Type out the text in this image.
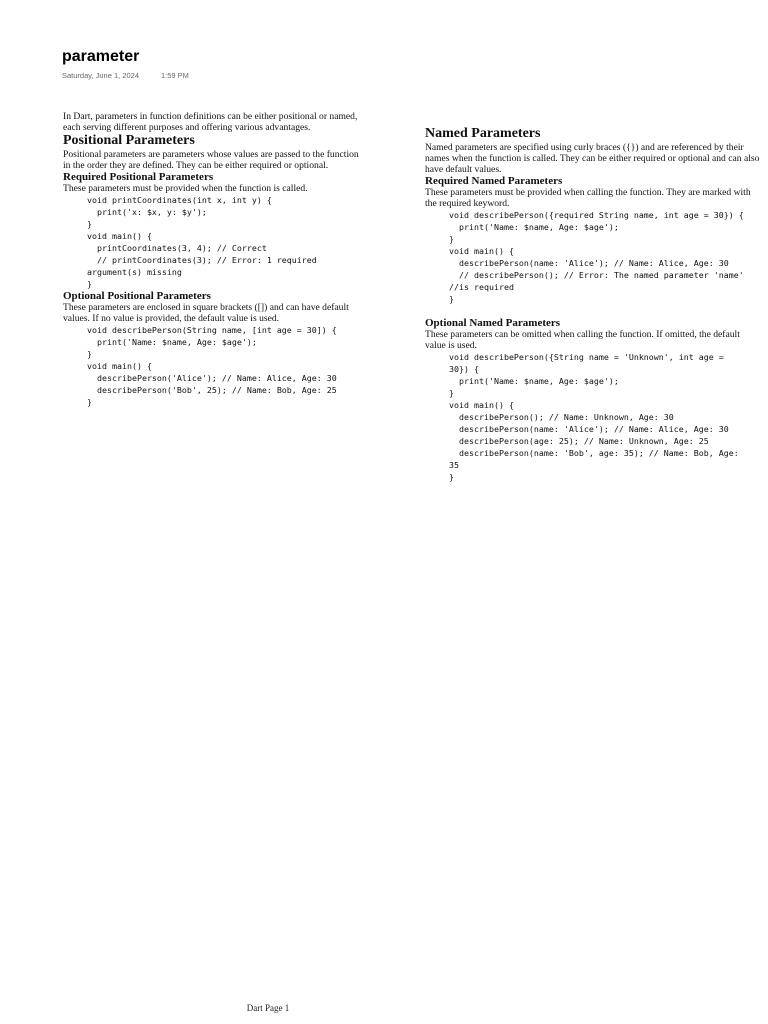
parameter
Saturday, June 1, 2024	1:59 PM

In Dart, parameters in function definitions can be either positional or named, each serving different purposes and offering various advantages.

Positional Parameters

Positional parameters are parameters whose values are passed to the function in the order they are defined. They can be either required or optional.

Required Positional Parameters

These parameters must be provided when the function is called.

void printCoordinates(int x, int y) {
print('x: $x, y: $y');
}
void main() {
printCoordinates(3, 4); // Correct
// printCoordinates(3); // Error: 1 required
argument(s) missing
}
Optional Positional Parameters

These parameters are enclosed in square brackets ([]) and can have default values. If no value is provided, the default value is used.

void describePerson(String name, [int age = 30]) {
print('Name: $name, Age: $age');
}
void main() {
describePerson('Alice'); // Name: Alice, Age: 30
describePerson('Bob', 25); // Name: Bob, Age: 25
}
Named Parameters

Named parameters are specified using curly braces ({}) and are referenced by their names when the function is called. They can be either required or optional and can also have default values.

Required Named Parameters

These parameters must be provided when calling the function. They are marked with the required keyword.

void describePerson({required String name, int age = 30}) {
print('Name: $name, Age: $age');
}
void main() {
describePerson(name: 'Alice'); // Name: Alice, Age: 30
// describePerson(); // Error: The named parameter 'name'
//is required
}
Optional Named Parameters

These parameters can be omitted when calling the function. If omitted, the default value is used.

void describePerson({String name = 'Unknown', int age =
30}) {
print('Name: $name, Age: $age');
}
void main() {
describePerson(); // Name: Unknown, Age: 30
describePerson(name: 'Alice'); // Name: Alice, Age: 30
describePerson(age: 25); // Name: Unknown, Age: 25
describePerson(name: 'Bob', age: 35); // Name: Bob, Age:
35
}
Dart Page 1
